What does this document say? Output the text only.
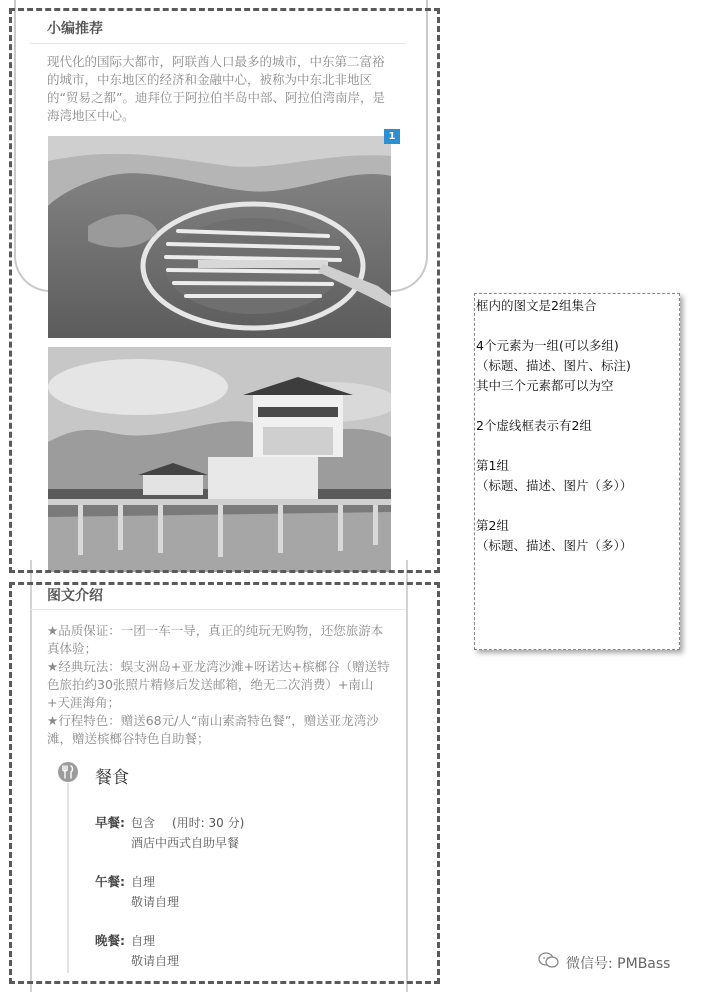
小编推荐
现代化的国际大都市，阿联酋人口最多的城市，中东第二富裕的城市，中东地区的经济和金融中心，被称为中东北非地区的“贸易之都”。迪拜位于阿拉伯半岛中部、阿拉伯湾南岸，是海湾地区中心。
1
图文介绍
★品质保证：一团一车一导，真正的纯玩无购物，还您旅游本真体验；
★经典玩法：蜈支洲岛+亚龙湾沙滩+呀诺达+槟榔谷（赠送特色旅拍约30张照片精修后发送邮箱，绝无二次消费）+南山+天涯海角；
★行程特色：赠送68元/人“南山素斋特色餐”，赠送亚龙湾沙滩，赠送槟榔谷特色自助餐；
餐食
早餐: 包含 (用时: 30 分)
酒店中西式自助早餐
午餐: 自理
敬请自理
晚餐: 自理
敬请自理
框内的图文是2组集合
4个元素为一组(可以多组)
（标题、描述、图片、标注)
其中三个元素都可以为空
2个虚线框表示有2组
第1组
（标题、描述、图片（多））
第2组
（标题、描述、图片（多））
微信号: PMBass
